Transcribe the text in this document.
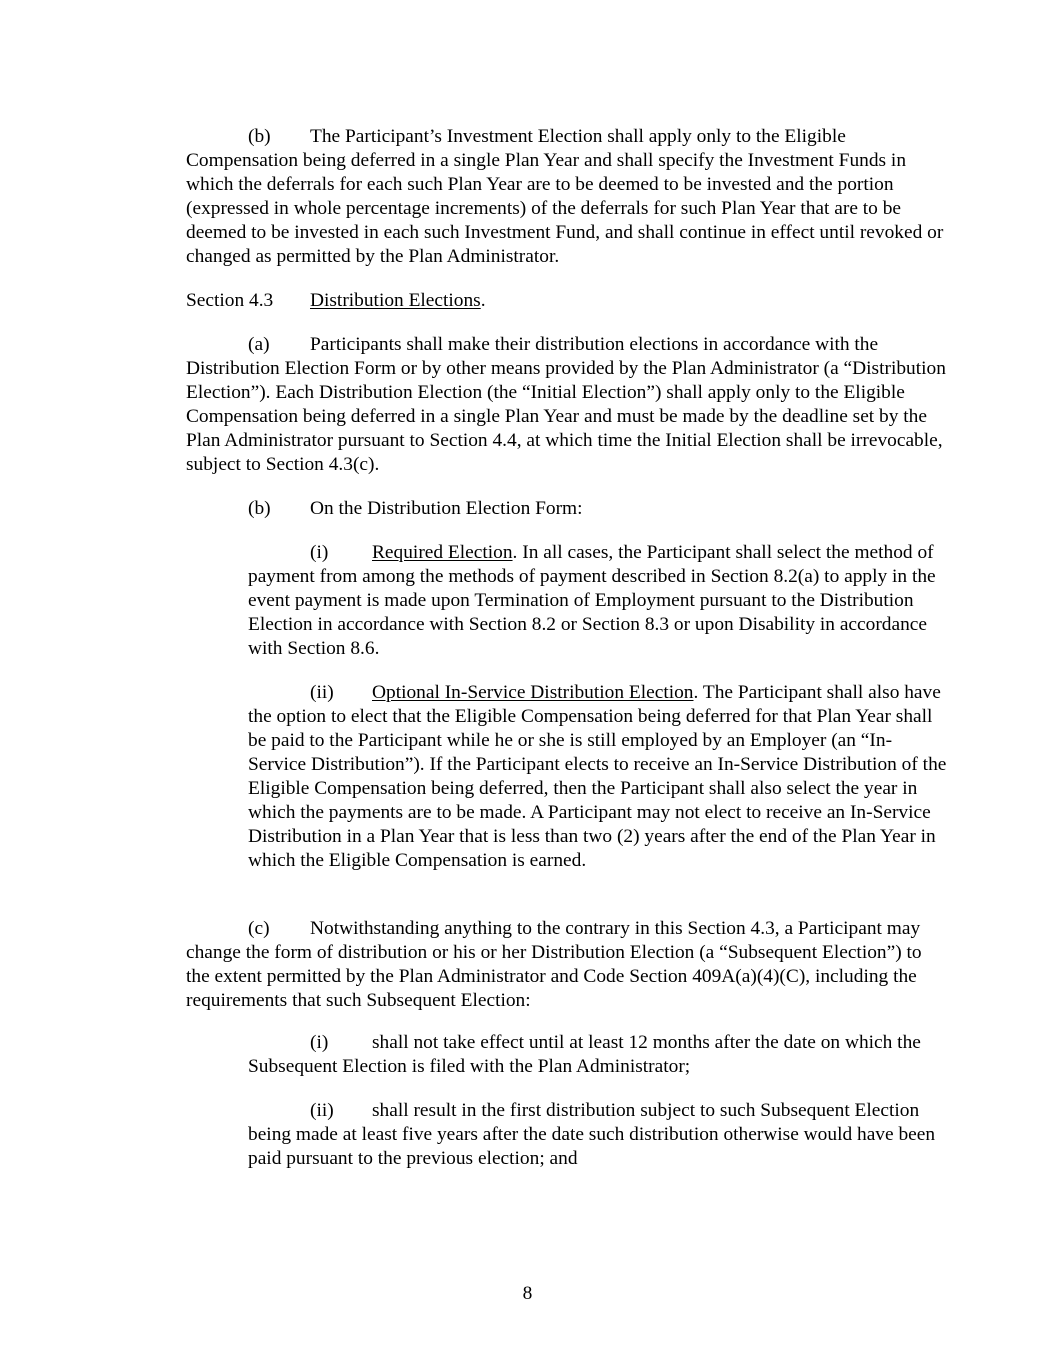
(b) The Participant’s Investment Election shall apply only to the Eligible Compensation being deferred in a single Plan Year and shall specify the Investment Funds in which the deferrals for each such Plan Year are to be deemed to be invested and the portion (expressed in whole percentage increments) of the deferrals for such Plan Year that are to be deemed to be invested in each such Investment Fund, and shall continue in effect until revoked or changed as permitted by the Plan Administrator.

Section 4.3 Distribution Elections.

(a) Participants shall make their distribution elections in accordance with the Distribution Election Form or by other means provided by the Plan Administrator (a “Distribution Election”). Each Distribution Election (the “Initial Election”) shall apply only to the Eligible Compensation being deferred in a single Plan Year and must be made by the deadline set by the Plan Administrator pursuant to Section 4.4, at which time the Initial Election shall be irrevocable, subject to Section 4.3(c).

(b) On the Distribution Election Form:

(i) Required Election. In all cases, the Participant shall select the method of payment from among the methods of payment described in Section 8.2(a) to apply in the event payment is made upon Termination of Employment pursuant to the Distribution Election in accordance with Section 8.2 or Section 8.3 or upon Disability in accordance with Section 8.6.

(ii) Optional In-Service Distribution Election. The Participant shall also have the option to elect that the Eligible Compensation being deferred for that Plan Year shall be paid to the Participant while he or she is still employed by an Employer (an “In-Service Distribution”). If the Participant elects to receive an In-Service Distribution of the Eligible Compensation being deferred, then the Participant shall also select the year in which the payments are to be made. A Participant may not elect to receive an In-Service Distribution in a Plan Year that is less than two (2) years after the end of the Plan Year in which the Eligible Compensation is earned.

(c) Notwithstanding anything to the contrary in this Section 4.3, a Participant may change the form of distribution or his or her Distribution Election (a “Subsequent Election”) to the extent permitted by the Plan Administrator and Code Section 409A(a)(4)(C), including the requirements that such Subsequent Election:

(i) shall not take effect until at least 12 months after the date on which the Subsequent Election is filed with the Plan Administrator;

(ii) shall result in the first distribution subject to such Subsequent Election being made at least five years after the date such distribution otherwise would have been paid pursuant to the previous election; and

8
